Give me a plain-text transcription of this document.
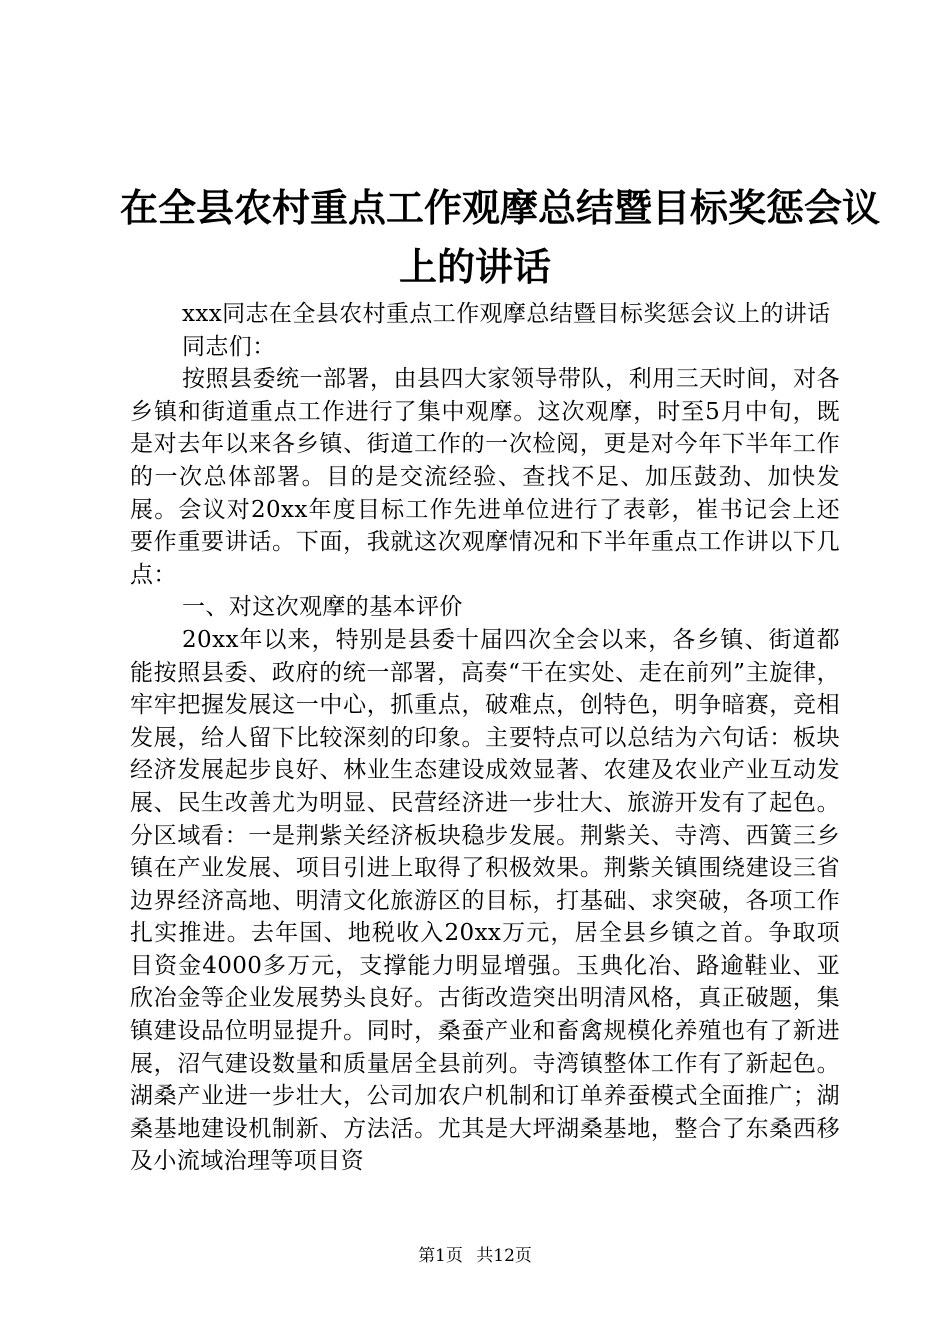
在全县农村重点工作观摩总结暨目标奖惩会议
上的讲话

xxx同志在全县农村重点工作观摩总结暨目标奖惩会议上的讲话

同志们：

按照县委统一部署，由县四大家领导带队，利用三天时间，对各乡镇和街道重点工作进行了集中观摩。这次观摩，时至5月中旬，既是对去年以来各乡镇、街道工作的一次检阅，更是对今年下半年工作的一次总体部署。目的是交流经验、查找不足、加压鼓劲、加快发展。会议对20xx年度目标工作先进单位进行了表彰，崔书记会上还要作重要讲话。下面，我就这次观摩情况和下半年重点工作讲以下几点：

一、对这次观摩的基本评价

20xx年以来，特别是县委十届四次全会以来，各乡镇、街道都能按照县委、政府的统一部署，高奏“干在实处、走在前列”主旋律，牢牢把握发展这一中心，抓重点，破难点，创特色，明争暗赛，竞相发展，给人留下比较深刻的印象。主要特点可以总结为六句话：板块经济发展起步良好、林业生态建设成效显著、农建及农业产业互动发展、民生改善尤为明显、民营经济进一步壮大、旅游开发有了起色。分区域看：一是荆紫关经济板块稳步发展。荆紫关、寺湾、西簧三乡镇在产业发展、项目引进上取得了积极效果。荆紫关镇围绕建设三省边界经济高地、明清文化旅游区的目标，打基础、求突破，各项工作扎实推进。去年国、地税收入20xx万元，居全县乡镇之首。争取项目资金4000多万元，支撑能力明显增强。玉典化冶、路逾鞋业、亚欣冶金等企业发展势头良好。古街改造突出明清风格，真正破题，集镇建设品位明显提升。同时，桑蚕产业和畜禽规模化养殖也有了新进展，沼气建设数量和质量居全县前列。寺湾镇整体工作有了新起色。湖桑产业进一步壮大，公司加农户机制和订单养蚕模式全面推广；湖桑基地建设机制新、方法活。尤其是大坪湖桑基地，整合了东桑西移及小流域治理等项目资

第1页 共12页
